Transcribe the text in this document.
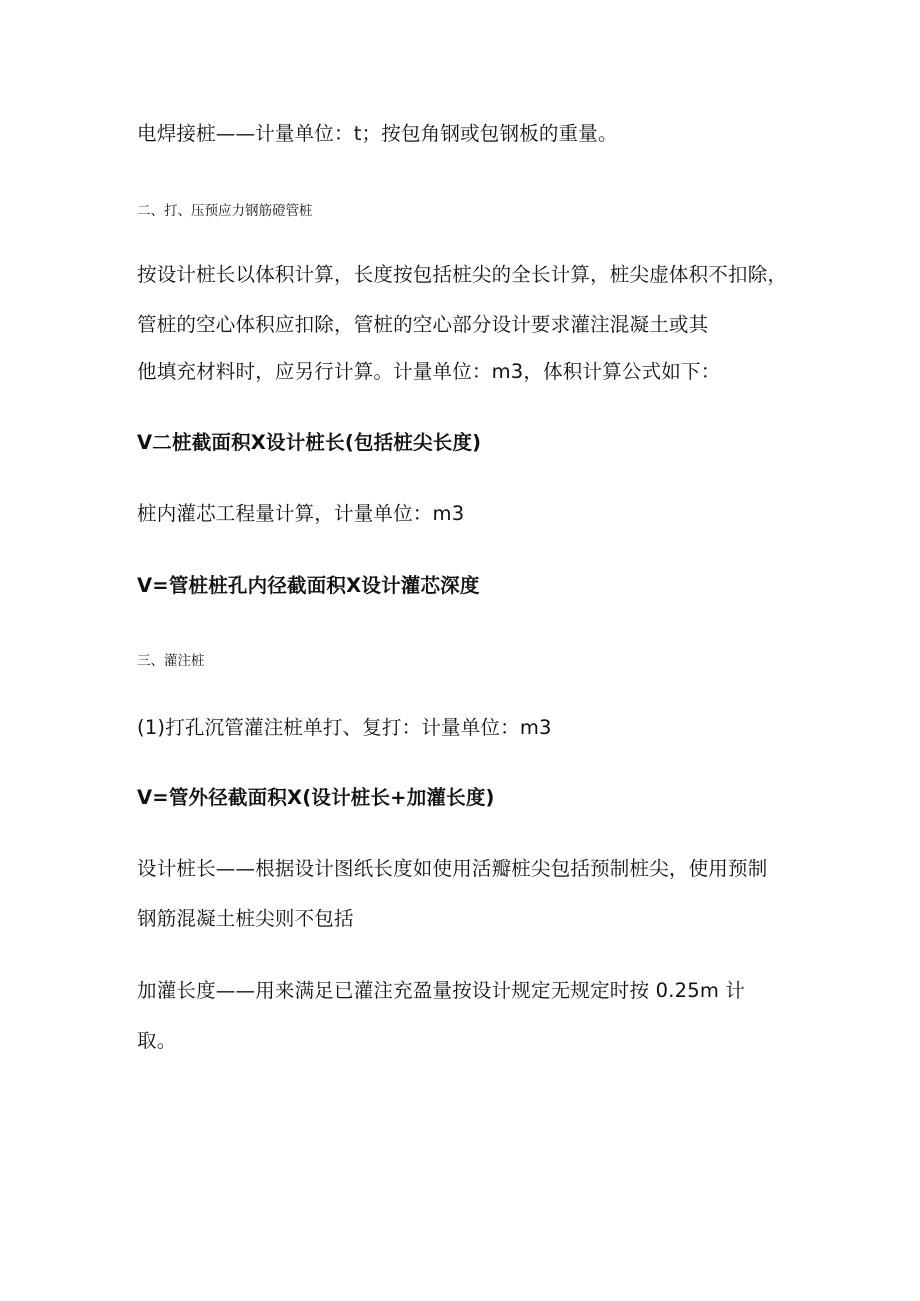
电焊接桩——计量单位：t；按包角钢或包钢板的重量。

二、打、压预应力钢筋磴管桩

按设计桩长以体积计算，长度按包括桩尖的全长计算，桩尖虚体积不扣除，

管桩的空心体积应扣除，管桩的空心部分设计要求灌注混凝土或其

他填充材料时，应另行计算。计量单位：m3，体积计算公式如下：

V二桩截面积X设计桩长(包括桩尖长度)

桩内灌芯工程量计算，计量单位：m3

V=管桩桩孔内径截面积X设计灌芯深度

三、灌注桩

(1)打孔沉管灌注桩单打、复打：计量单位：m3

V=管外径截面积X(设计桩长+加灌长度)

设计桩长——根据设计图纸长度如使用活瓣桩尖包括预制桩尖，使用预制

钢筋混凝土桩尖则不包括

加灌长度——用来满足已灌注充盈量按设计规定无规定时按 0.25m 计

取。
